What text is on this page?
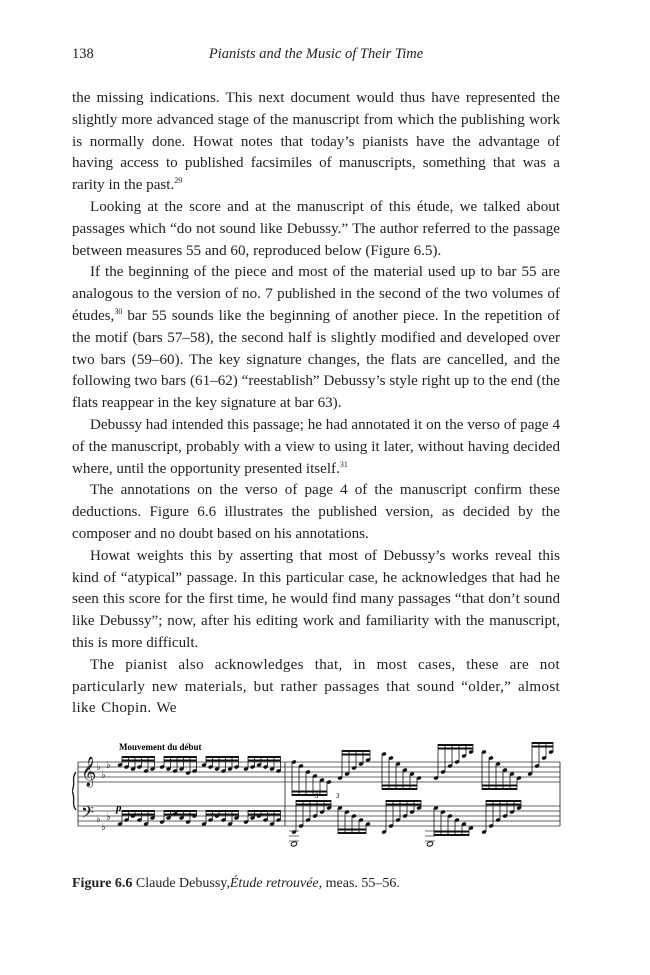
138	Pianists and the Music of Their Time

the missing indications. This next document would thus have represented the slightly more advanced stage of the manuscript from which the publishing work is normally done. Howat notes that today’s pianists have the advantage of having access to published facsimiles of manuscripts, something that was a rarity in the past.$^{29}$

Looking at the score and at the manuscript of this étude, we talked about passages which “do not sound like Debussy.” The author referred to the passage between measures 55 and 60, reproduced below (Figure 6.5).

If the beginning of the piece and most of the material used up to bar 55 are analogous to the version of no. 7 published in the second of the two volumes of études,$^{30}$ bar 55 sounds like the beginning of another piece. In the repetition of the motif (bars 57–58), the second half is slightly modified and developed over two bars (59–60). The key signature changes, the flats are cancelled, and the following two bars (61–62) “reestablish” Debussy’s style right up to the end (the flats reappear in the key signature at bar 63).

Debussy had intended this passage; he had annotated it on the verso of page 4 of the manuscript, probably with a view to using it later, without having decided where, until the opportunity presented itself.$^{31}$

The annotations on the verso of page 4 of the manuscript confirm these deductions. Figure 6.6 illustrates the published version, as decided by the composer and no doubt based on his annotations.

Howat weights this by asserting that most of Debussy’s works reveal this kind of “atypical” passage. In this particular case, he acknowledges that had he seen this score for the first time, he would find many passages “that don’t sound like Debussy”; now, after his editing work and familiarity with the manuscript, this is more difficult.

The pianist also acknowledges that, in most cases, these are not particularly new materials, but rather passages that sound “older,” almost like Chopin. We

Mouvement du début
p
3
𝄞 ♭
♭
♭
𝄢 ♭
♭
♭
Figure 6.6 Claude Debussy,Étude retrouvée, meas. 55–56.
